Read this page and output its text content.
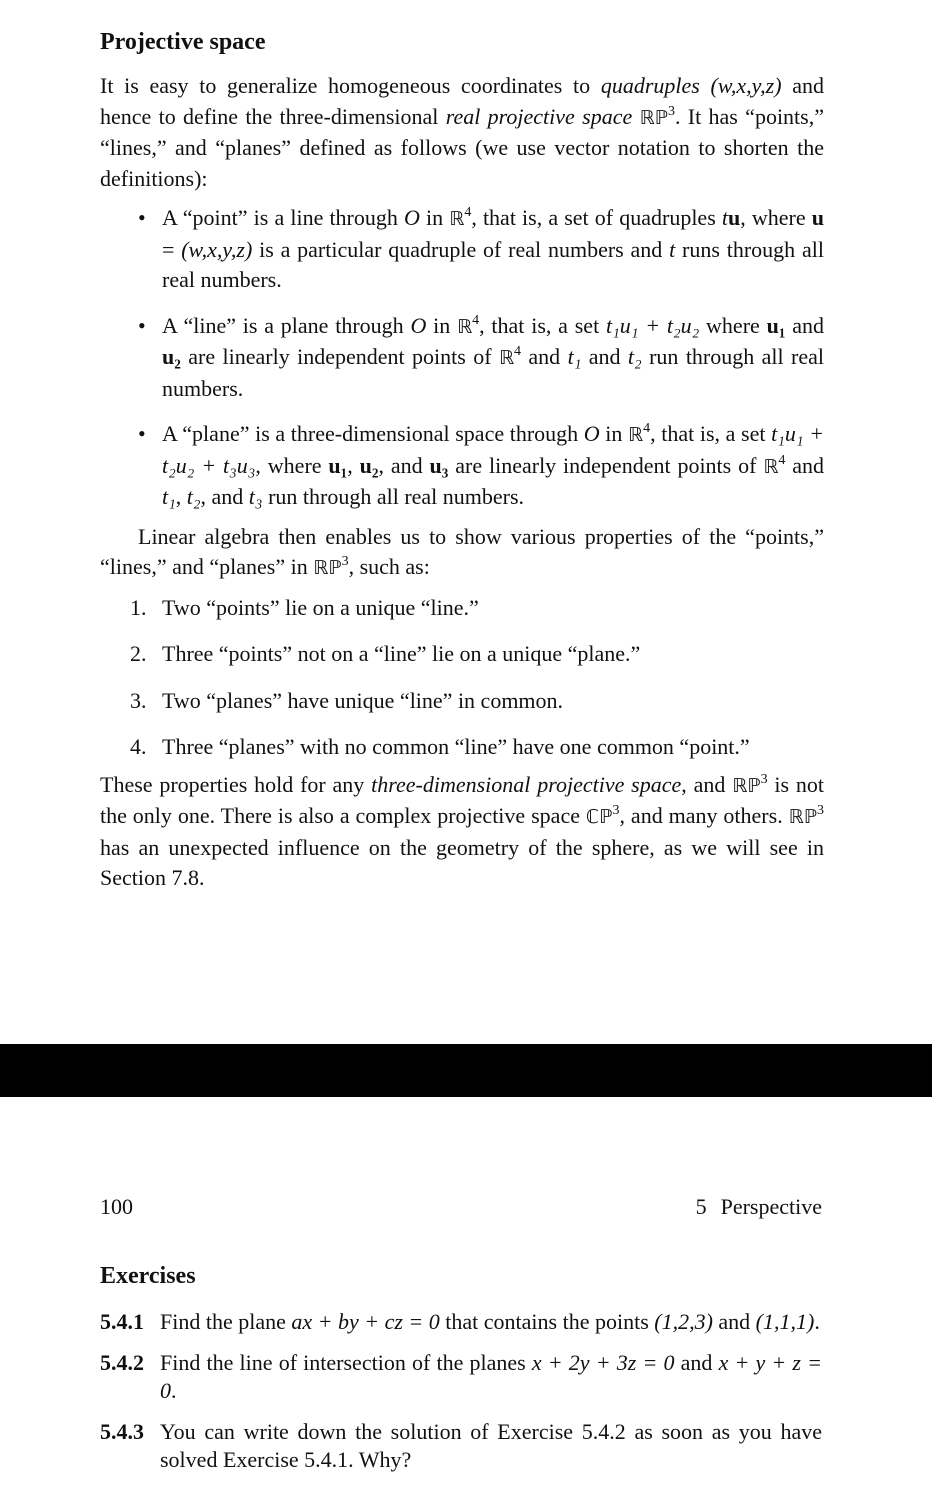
Projective space

It is easy to generalize homogeneous coordinates to quadruples (w,x,y,z) and hence to define the three-dimensional real projective space ℝℙ$^3$. It has “points,” “lines,” and “planes” defined as follows (we use vector notation to shorten the definitions):

• A “point” is a line through O in ℝ$^4$, that is, a set of quadruples tu, where u = (w,x,y,z) is a particular quadruple of real numbers and t runs through all real numbers.
• A “line” is a plane through O in ℝ$^4$, that is, a set t₁u₁ + t₂u₂ where u₁ and u₂ are linearly independent points of ℝ$^4$ and t₁ and t₂ run through all real numbers.
• A “plane” is a three-dimensional space through O in ℝ$^4$, that is, a set t₁u₁ + t₂u₂ + t₃u₃, where u₁, u₂, and u₃ are linearly independent points of ℝ$^4$ and t₁, t₂, and t₃ run through all real numbers.

Linear algebra then enables us to show various properties of the “points,” “lines,” and “planes” in ℝℙ$^3$, such as:

1. Two “points” lie on a unique “line.”
2. Three “points” not on a “line” lie on a unique “plane.”
3. Two “planes” have unique “line” in common.
4. Three “planes” with no common “line” have one common “point.”

These properties hold for any three-dimensional projective space, and ℝℙ$^3$ is not the only one. There is also a complex projective space ℂℙ$^3$, and many others. ℝℙ$^3$ has an unexpected influence on the geometry of the sphere, as we will see in Section 7.8.

100	5 Perspective
Exercises
5.4.1 Find the plane ax + by + cz = 0 that contains the points (1,2,3) and (1,1,1).
5.4.2 Find the line of intersection of the planes x + 2y + 3z = 0 and x + y + z = 0.
5.4.3 You can write down the solution of Exercise 5.4.2 as soon as you have solved Exercise 5.4.1. Why?
